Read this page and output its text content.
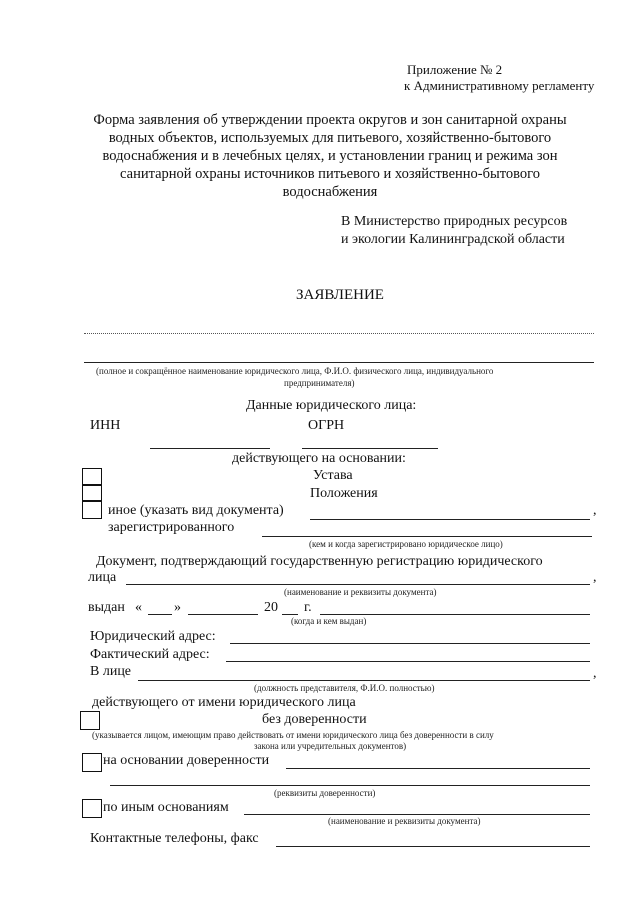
Приложение № 2
к Административному регламенту
Форма заявления об утверждении проекта округов и зон санитарной охраны
водных объектов, используемых для питьевого, хозяйственно-бытового
водоснабжения и в лечебных целях, и установлении границ и режима зон
санитарной охраны источников питьевого и хозяйственно-бытового
водоснабжения
В Министерство природных ресурсов
и экологии Калининградской области
ЗАЯВЛЕНИЕ
(полное и сокращённое наименование юридического лица, Ф.И.О. физического лица, индивидуального
предпринимателя)
Данные юридического лица:
ИНН	ОГРН
действующего на основании:
Устава
Положения
иное (указать вид документа)	,
зарегистрированного
(кем и когда зарегистрировано юридическое лицо)
Документ, подтверждающий государственную регистрацию юридического
лица	,
(наименование и реквизиты документа)
выдан « »	20 г.
(когда и кем выдан)
Юридический адрес:
Фактический адрес:
В лице	,
(должность представителя, Ф.И.О. полностью)
действующего от имени юридического лица
без доверенности
(указывается лицом, имеющим право действовать от имени юридического лица без доверенности в силу
закона или учредительных документов)
на основании доверенности
(реквизиты доверенности)
по иным основаниям
(наименование и реквизиты документа)
Контактные телефоны, факс
